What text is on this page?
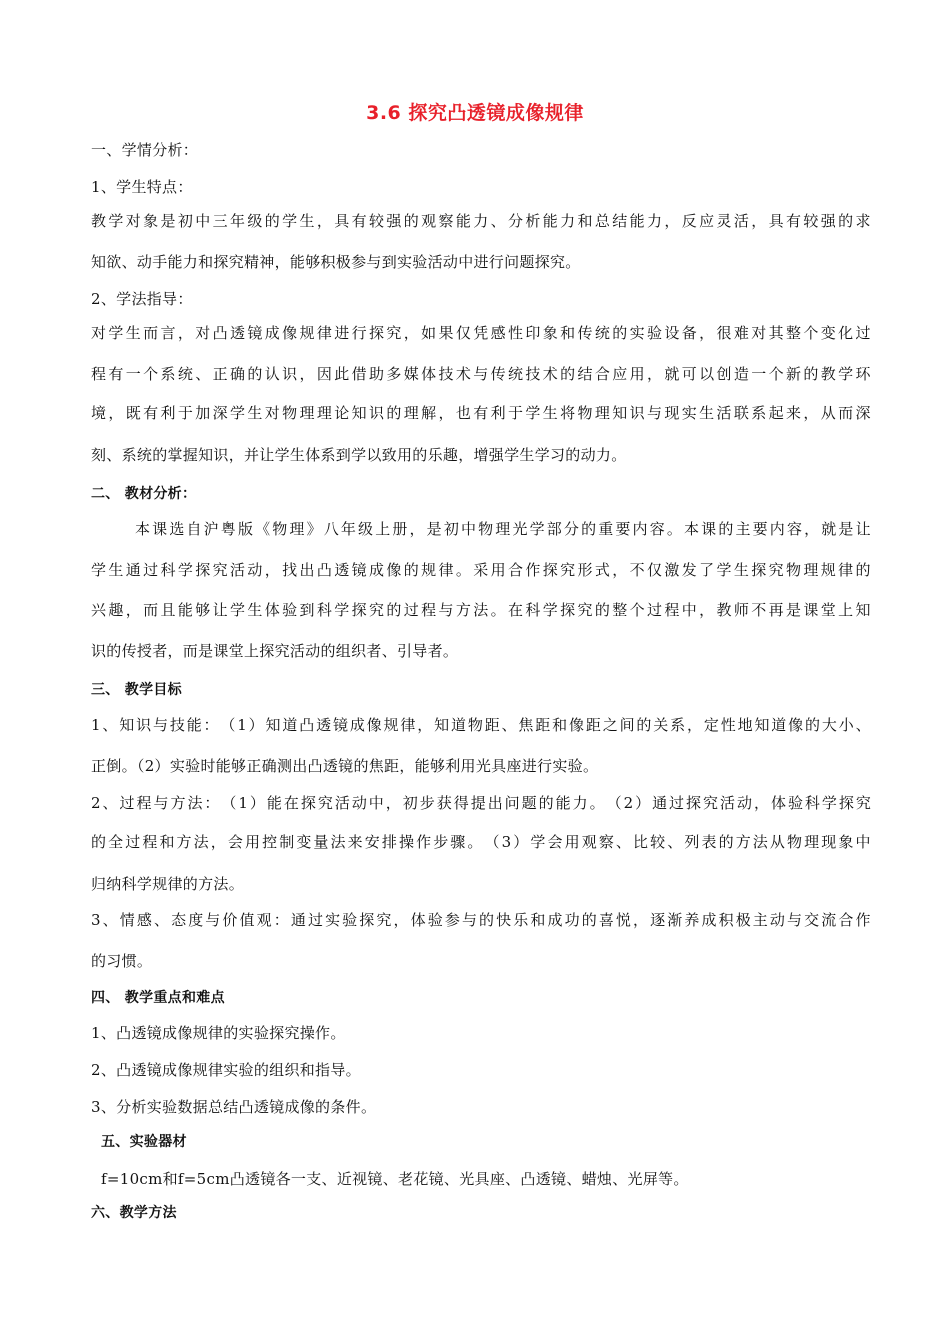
3.6 探究凸透镜成像规律
一、学情分析：
1、学生特点：
教 学 对 象 是 初 中 三 年 级 的 学 生 ， 具 有 较 强 的 观 察 能 力 、 分 析 能 力 和 总 结 能 力 ， 反 应 灵 活 ， 具 有 较 强 的 求
知欲、动手能力和探究精神，能够积极参与到实验活动中进行问题探究。
2、学法指导：
对 学 生 而 言 ， 对 凸 透 镜 成 像 规 律 进 行 探 究 ， 如 果 仅 凭 感 性 印 象 和 传 统 的 实 验 设 备 ， 很 难 对 其 整 个 变 化 过
程 有 一 个 系 统 、 正 确 的 认 识 ， 因 此 借 助 多 媒 体 技 术 与 传 统 技 术 的 结 合 应 用 ， 就 可 以 创 造 一 个 新 的 教 学 环
境 ， 既 有 利 于 加 深 学 生 对 物 理 理 论 知 识 的 理 解 ， 也 有 利 于 学 生 将 物 理 知 识 与 现 实 生 活 联 系 起 来 ， 从 而 深
刻、系统的掌握知识，并让学生体系到学以致用的乐趣，增强学生学习的动力。
二、 教材分析：
本 课 选 自 沪 粤 版 《 物 理 》 八 年 级 上 册 ， 是 初 中 物 理 光 学 部 分 的 重 要 内 容 。 本 课 的 主 要 内 容 ， 就 是 让
学 生 通 过 科 学 探 究 活 动 ， 找 出 凸 透 镜 成 像 的 规 律 。 采 用 合 作 探 究 形 式 ， 不 仅 激 发 了 学 生 探 究 物 理 规 律 的
兴 趣 ， 而 且 能 够 让 学 生 体 验 到 科 学 探 究 的 过 程 与 方 法 。 在 科 学 探 究 的 整 个 过 程 中 ， 教 师 不 再 是 课 堂 上 知
识的传授者，而是课堂上探究活动的组织者、引导者。
三、 教学目标
1 、 知 识 与 技 能 ： （ 1 ） 知 道 凸 透 镜 成 像 规 律 ， 知 道 物 距 、 焦 距 和 像 距 之 间 的 关 系 ， 定 性 地 知 道 像 的 大 小 、
正倒。（2）实验时能够正确测出凸透镜的焦距，能够利用光具座进行实验。
2 、 过 程 与 方 法 ： （ 1 ） 能 在 探 究 活 动 中 ， 初 步 获 得 提 出 问 题 的 能 力 。 （ 2 ） 通 过 探 究 活 动 ， 体 验 科 学 探 究
的 全 过 程 和 方 法 ， 会 用 控 制 变 量 法 来 安 排 操 作 步 骤 。 （ 3 ） 学 会 用 观 察 、 比 较 、 列 表 的 方 法 从 物 理 现 象 中
归纳科学规律的方法。
3 、 情 感 、 态 度 与 价 值 观 ： 通 过 实 验 探 究 ， 体 验 参 与 的 快 乐 和 成 功 的 喜 悦 ， 逐 渐 养 成 积 极 主 动 与 交 流 合 作
的习惯。
四、 教学重点和难点
1、凸透镜成像规律的实验探究操作。
2、凸透镜成像规律实验的组织和指导。
3、分析实验数据总结凸透镜成像的条件。
五、实验器材
f=10cm和f=5cm凸透镜各一支、近视镜、老花镜、光具座、凸透镜、蜡烛、光屏等。
六、教学方法
